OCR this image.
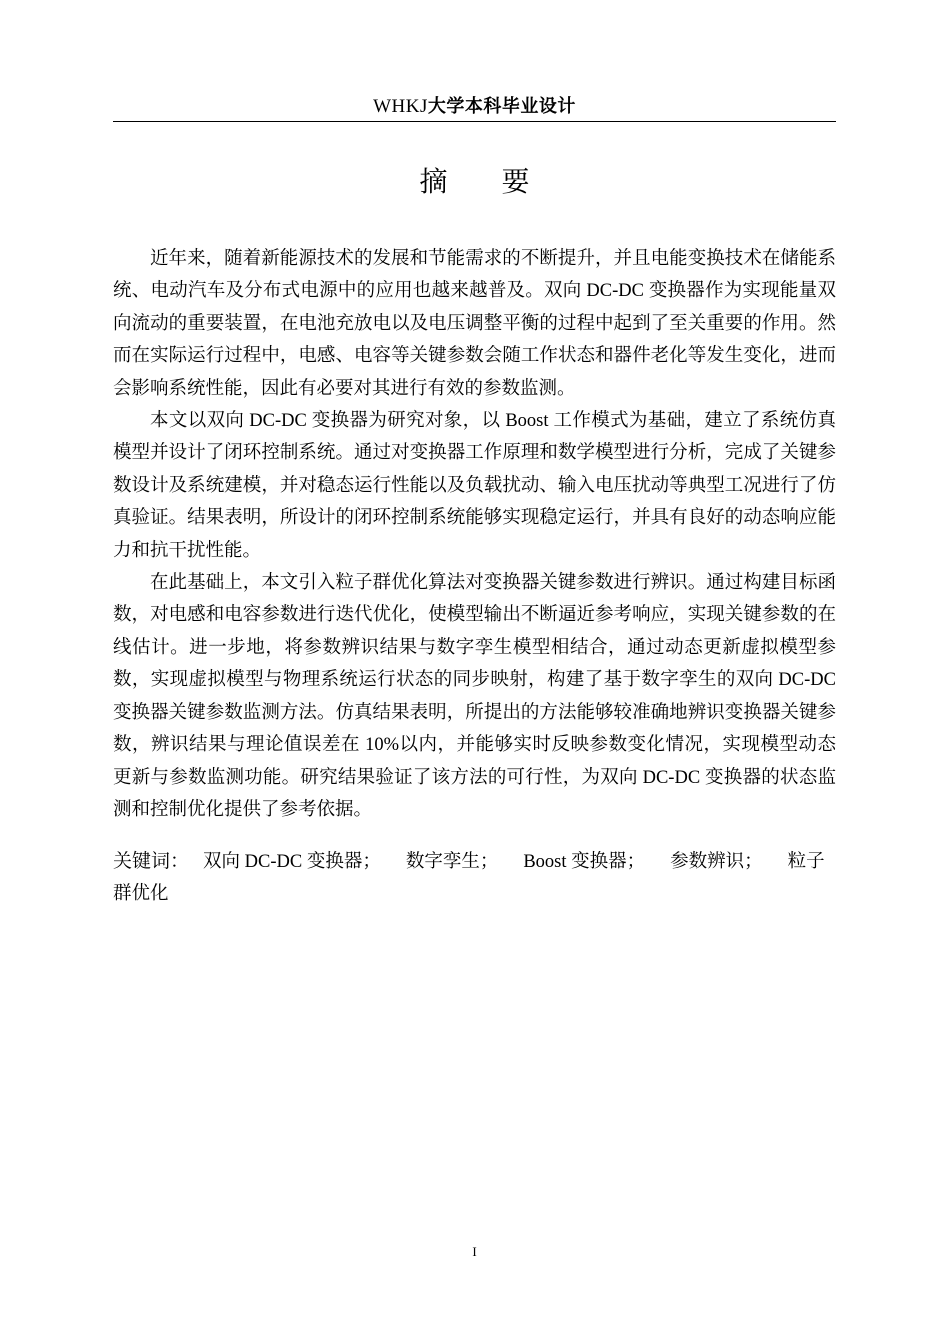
WHKJ大学本科毕业设计
摘 要

近年来，随着新能源技术的发展和节能需求的不断提升，并且电能变换技术在储能系统、电动汽车及分布式电源中的应用也越来越普及。双向 DC-DC 变换器作为实现能量双向流动的重要装置，在电池充放电以及电压调整平衡的过程中起到了至关重要的作用。然而在实际运行过程中，电感、电容等关键参数会随工作状态和器件老化等发生变化，进而会影响系统性能，因此有必要对其进行有效的参数监测。

本文以双向 DC-DC 变换器为研究对象，以 Boost 工作模式为基础，建立了系统仿真模型并设计了闭环控制系统。通过对变换器工作原理和数学模型进行分析，完成了关键参数设计及系统建模，并对稳态运行性能以及负载扰动、输入电压扰动等典型工况进行了仿真验证。结果表明，所设计的闭环控制系统能够实现稳定运行，并具有良好的动态响应能力和抗干扰性能。

在此基础上，本文引入粒子群优化算法对变换器关键参数进行辨识。通过构建目标函数，对电感和电容参数进行迭代优化，使模型输出不断逼近参考响应，实现关键参数的在线估计。进一步地，将参数辨识结果与数字孪生模型相结合，通过动态更新虚拟模型参数，实现虚拟模型与物理系统运行状态的同步映射，构建了基于数字孪生的双向 DC-DC 变换器关键参数监测方法。仿真结果表明，所提出的方法能够较准确地辨识变换器关键参数，辨识结果与理论值误差在 10%以内，并能够实时反映参数变化情况，实现模型动态更新与参数监测功能。研究结果验证了该方法的可行性，为双向 DC-DC 变换器的状态监测和控制优化提供了参考依据。

关键词： 双向 DC-DC 变换器； 数字孪生； Boost 变换器； 参数辨识； 粒子群优化
I
